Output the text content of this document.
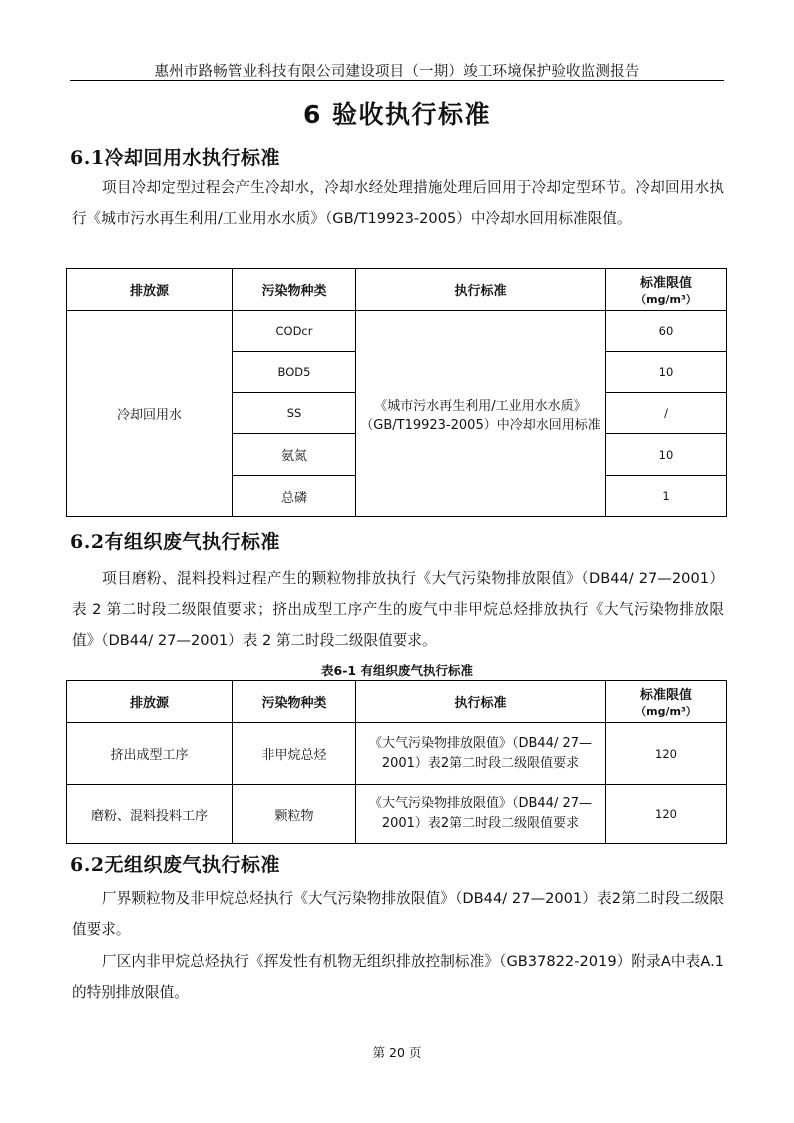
惠州市路畅管业科技有限公司建设项目（一期）竣工环境保护验收监测报告
6 验收执行标准
6.1冷却回用水执行标准
项目冷却定型过程会产生冷却水，冷却水经处理措施处理后回用于冷却定型环节。冷却回用水执行《城市污水再生利用/工业用水水质》（GB/T19923-2005）中冷却水回用标准限值。
排放源	污染物种类	执行标准	标准限值
（mg/m³）

冷却回用水	CODcr	《城市污水再生利用/工业用水水质》（GB/T19923-2005）中冷却水回用标准	60
	BOD5		10
	SS		/
	氨氮		10
	总磷		1
6.2有组织废气执行标准
项目磨粉、混料投料过程产生的颗粒物排放执行《大气污染物排放限值》（DB44/ 27—2001）表 2 第二时段二级限值要求；挤出成型工序产生的废气中非甲烷总烃排放执行《大气污染物排放限值》（DB44/ 27—2001）表 2 第二时段二级限值要求。
表6-1 有组织废气执行标准
排放源	污染物种类	执行标准	标准限值
（mg/m³）

挤出成型工序	非甲烷总烃	《大气污染物排放限值》（DB44/ 27—2001）表2第二时段二级限值要求	120
磨粉、混料投料工序	颗粒物	《大气污染物排放限值》（DB44/ 27—2001）表2第二时段二级限值要求	120
6.2无组织废气执行标准
厂界颗粒物及非甲烷总烃执行《大气污染物排放限值》（DB44/ 27—2001）表2第二时段二级限值要求。
厂区内非甲烷总烃执行《挥发性有机物无组织排放控制标准》（GB37822-2019）附录A中表A.1的特别排放限值。
第 20 页
